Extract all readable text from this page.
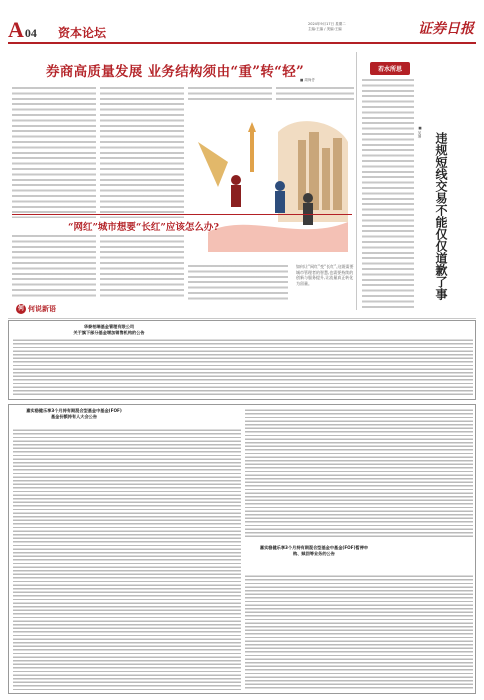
A04 资本论坛
2024年9月17日 星期二
主编:王编 / 美编:王编	证券日报
券商高质量发展 业务结构须由“重”转“轻”
■ 周尚伃
“网红”城市想要“长红”应该怎么办?
如何让“网红”变“长红”,这既需要城市管理者的智慧,也需要持续的创新与服务提升,让流量真正转化为留量。
何 何说新语
若水所思
■ 吴珊 违规短线交易不能仅仅道歉了事
华泰柏瑞基金管理有限公司
关于旗下部分基金增加销售机构的公告
嘉实稳健乐享3个月持有期混合型基金中基金(FOF)
基金份额持有人大会公告
嘉实稳健乐享3个月持有期混合型基金中基金(FOF)暂停申购、赎回等业务的公告
